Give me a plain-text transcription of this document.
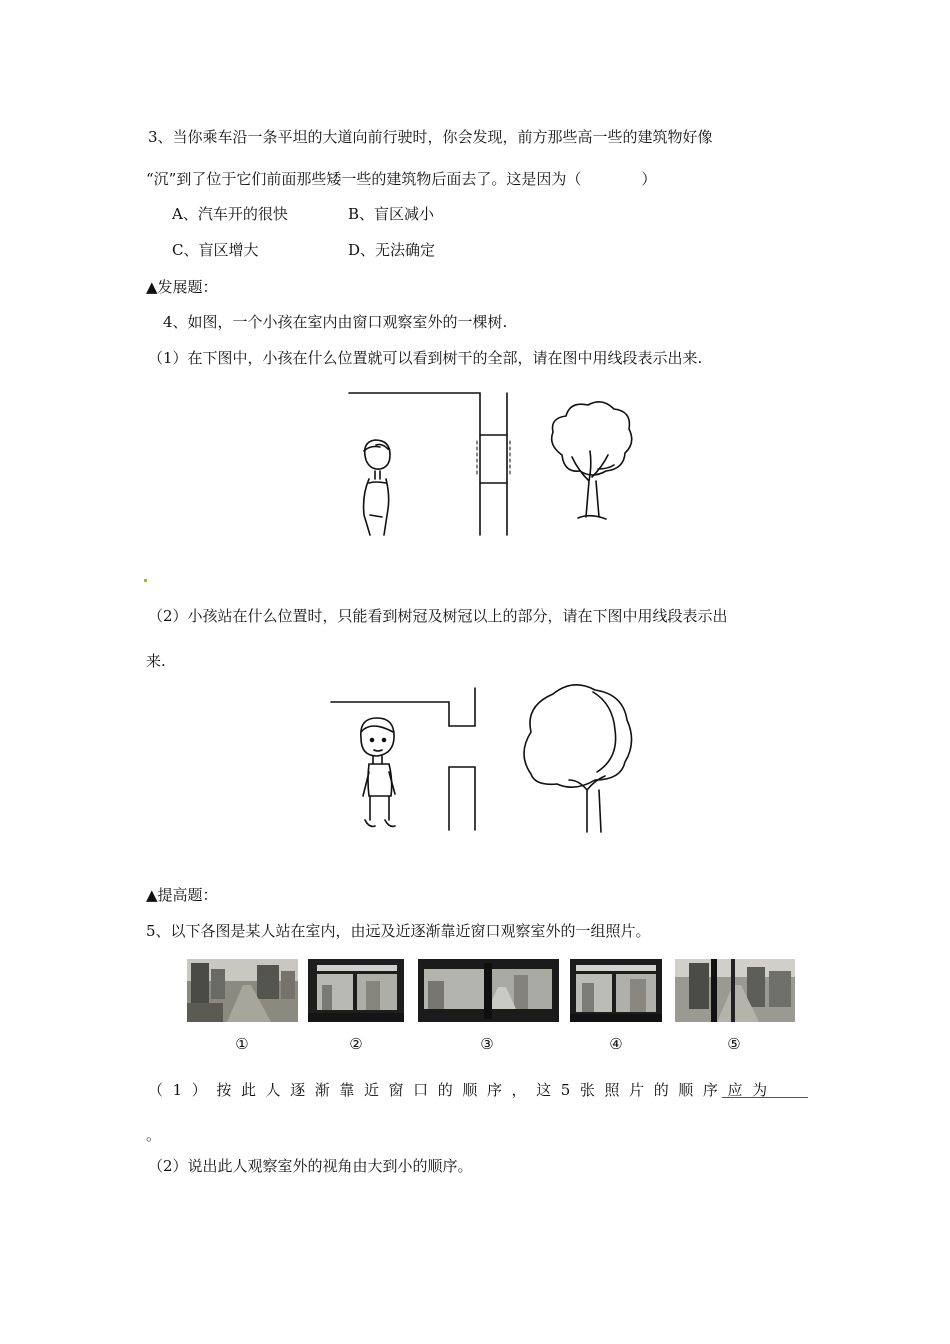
3、当你乘车沿一条平坦的大道向前行驶时，你会发现，前方那些高一些的建筑物好像
“沉”到了位于它们前面那些矮一些的建筑物后面去了。这是因为（　　　　）
A、汽车开的很快	B、盲区减小
C、盲区增大	D、无法确定
▲发展题：
4、如图，一个小孩在室内由窗口观察室外的一棵树.
（1）在下图中，小孩在什么位置就可以看到树干的全部，请在图中用线段表示出来.
（2）小孩站在什么位置时，只能看到树冠及树冠以上的部分，请在下图中用线段表示出
来.
▲提高题：
5、以下各图是某人站在室内，由远及近逐渐靠近窗口观察室外的一组照片。
①	②	③	④	⑤
（1）按此人逐渐靠近窗口的顺序，这5张照片的顺序应为
。
（2）说出此人观察室外的视角由大到小的顺序。
